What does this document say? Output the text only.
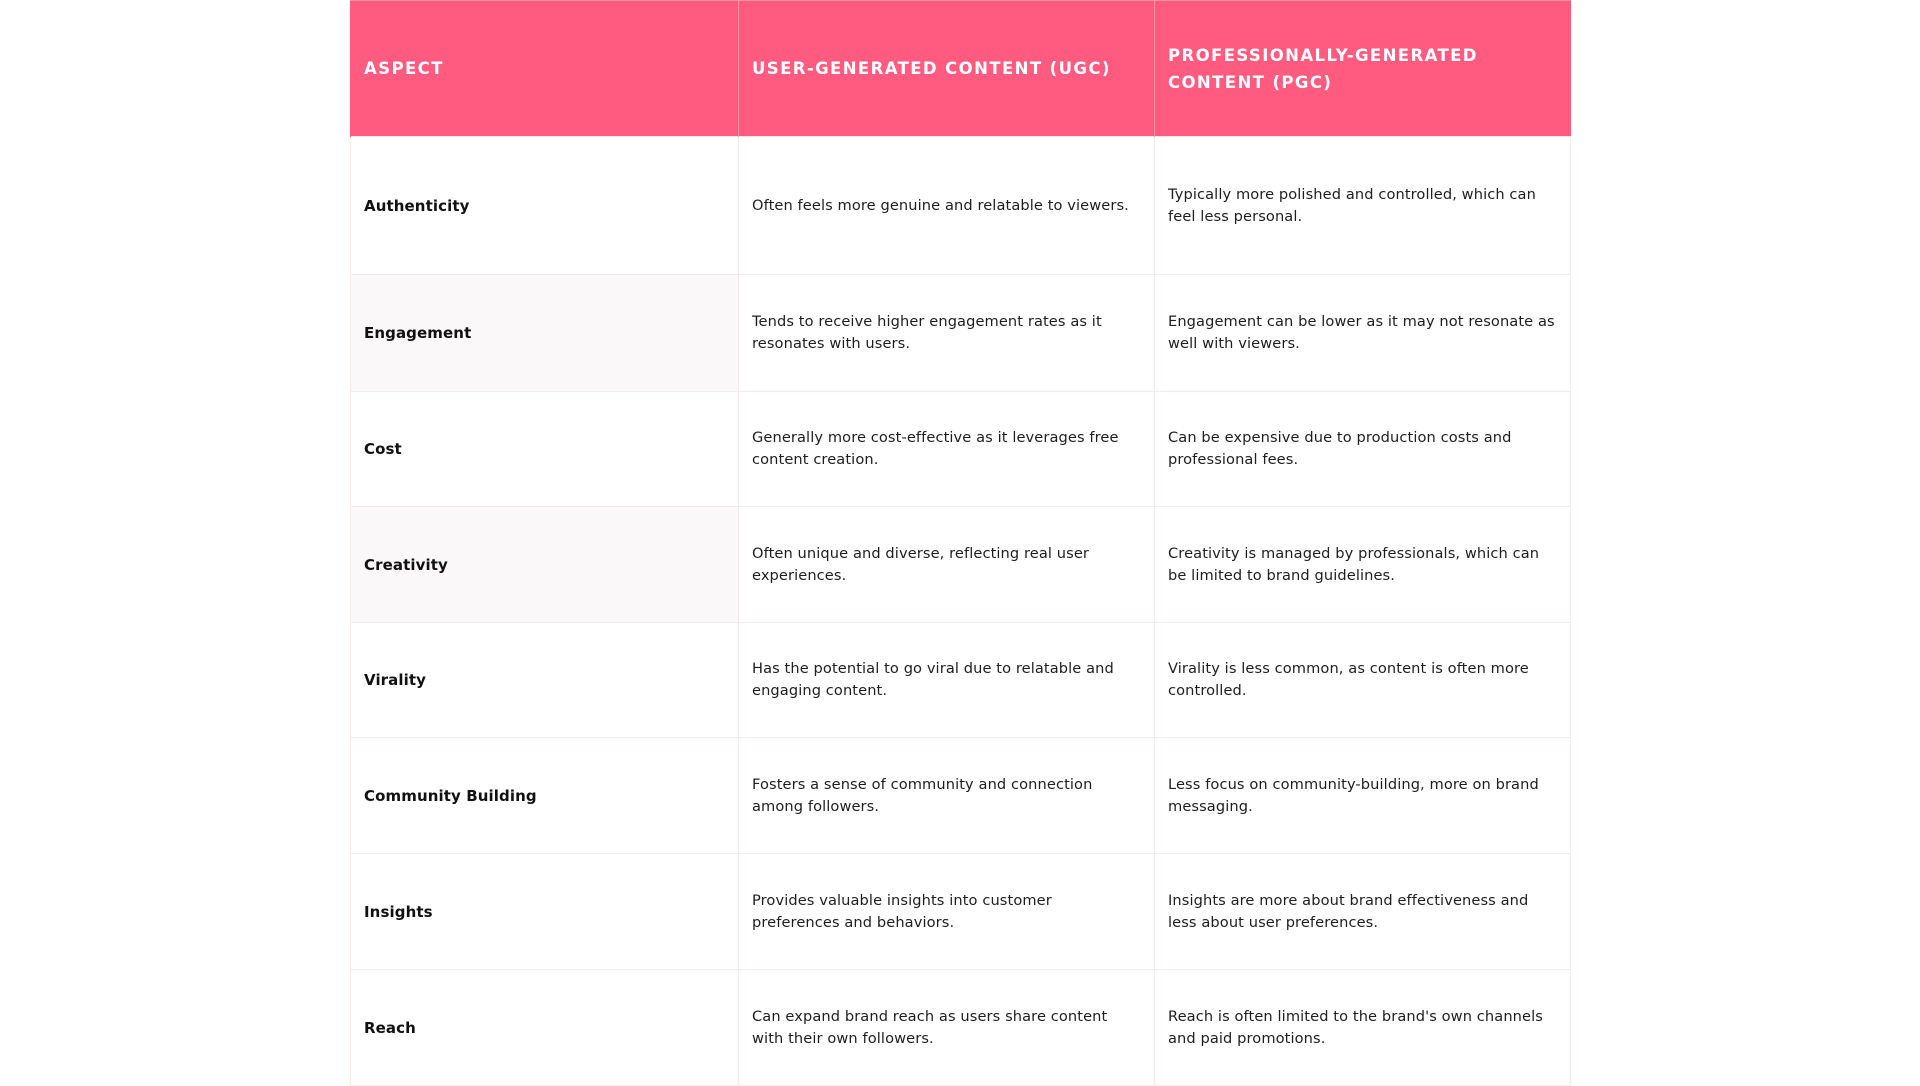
ASPECT	USER-GENERATED CONTENT (UGC)	PROFESSIONALLY-GENERATED CONTENT (PGC)

Authenticity	Often feels more genuine and relatable to viewers.	Typically more polished and controlled, which can feel less personal.

Engagement	Tends to receive higher engagement rates as it resonates with users.	Engagement can be lower as it may not resonate as well with viewers.

Cost	Generally more cost-effective as it leverages free content creation.	Can be expensive due to production costs and professional fees.

Creativity	Often unique and diverse, reflecting real user experiences.	Creativity is managed by professionals, which can be limited to brand guidelines.

Virality	Has the potential to go viral due to relatable and engaging content.	Virality is less common, as content is often more controlled.

Community Building	Fosters a sense of community and connection among followers.	Less focus on community-building, more on brand messaging.

Insights	Provides valuable insights into customer preferences and behaviors.	Insights are more about brand effectiveness and less about user preferences.

Reach	Can expand brand reach as users share content with their own followers.	Reach is often limited to the brand's own channels and paid promotions.
